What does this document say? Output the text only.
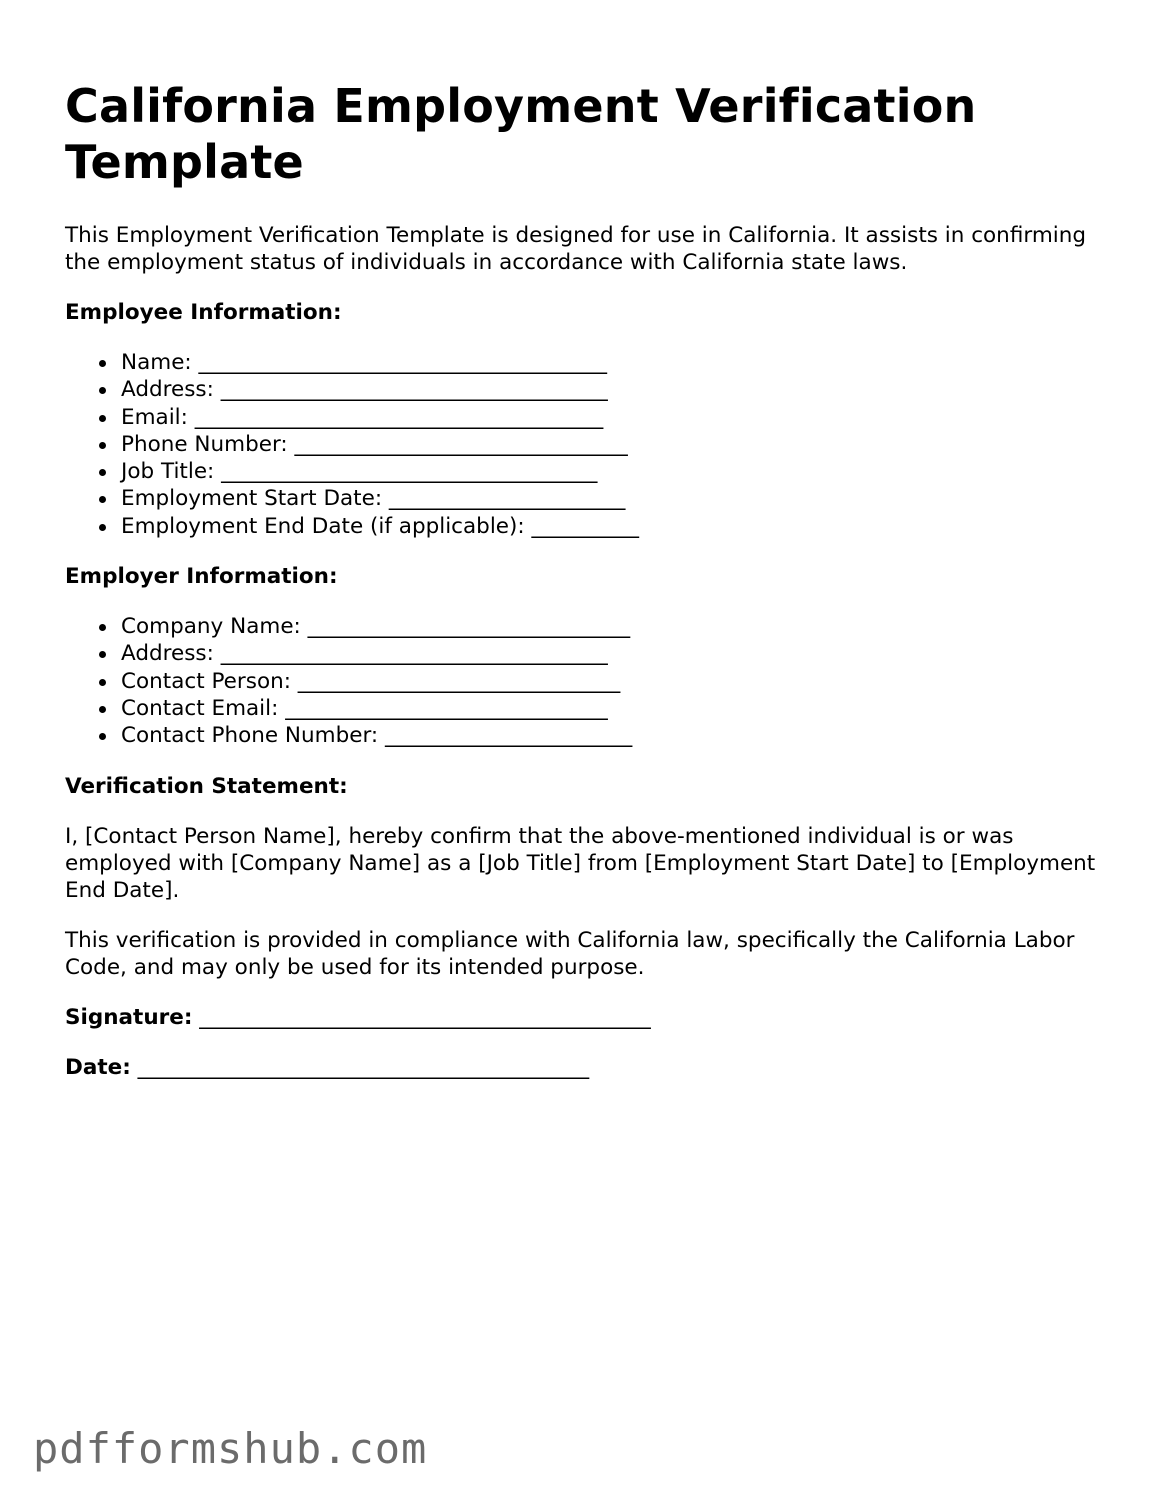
California Employment Verification Template

This Employment Verification Template is designed for use in California. It assists in confirming the employment status of individuals in accordance with California state laws.

Employee Information:
Name: ______________________________________
Address: ____________________________________
Email: ______________________________________
Phone Number: _______________________________
Job Title: ___________________________________
Employment Start Date: ______________________
Employment End Date (if applicable): __________
Employer Information:
Company Name: ______________________________
Address: ____________________________________
Contact Person: ______________________________
Contact Email: ______________________________
Contact Phone Number: _______________________
Verification Statement:

I, [Contact Person Name], hereby confirm that the above-mentioned individual is or was employed with [Company Name] as a [Job Title] from [Employment Start Date] to [Employment End Date].

This verification is provided in compliance with California law, specifically the California Labor Code, and may only be used for its intended purpose.

Signature: __________________________________________
Date: __________________________________________
pdfformshub.com
